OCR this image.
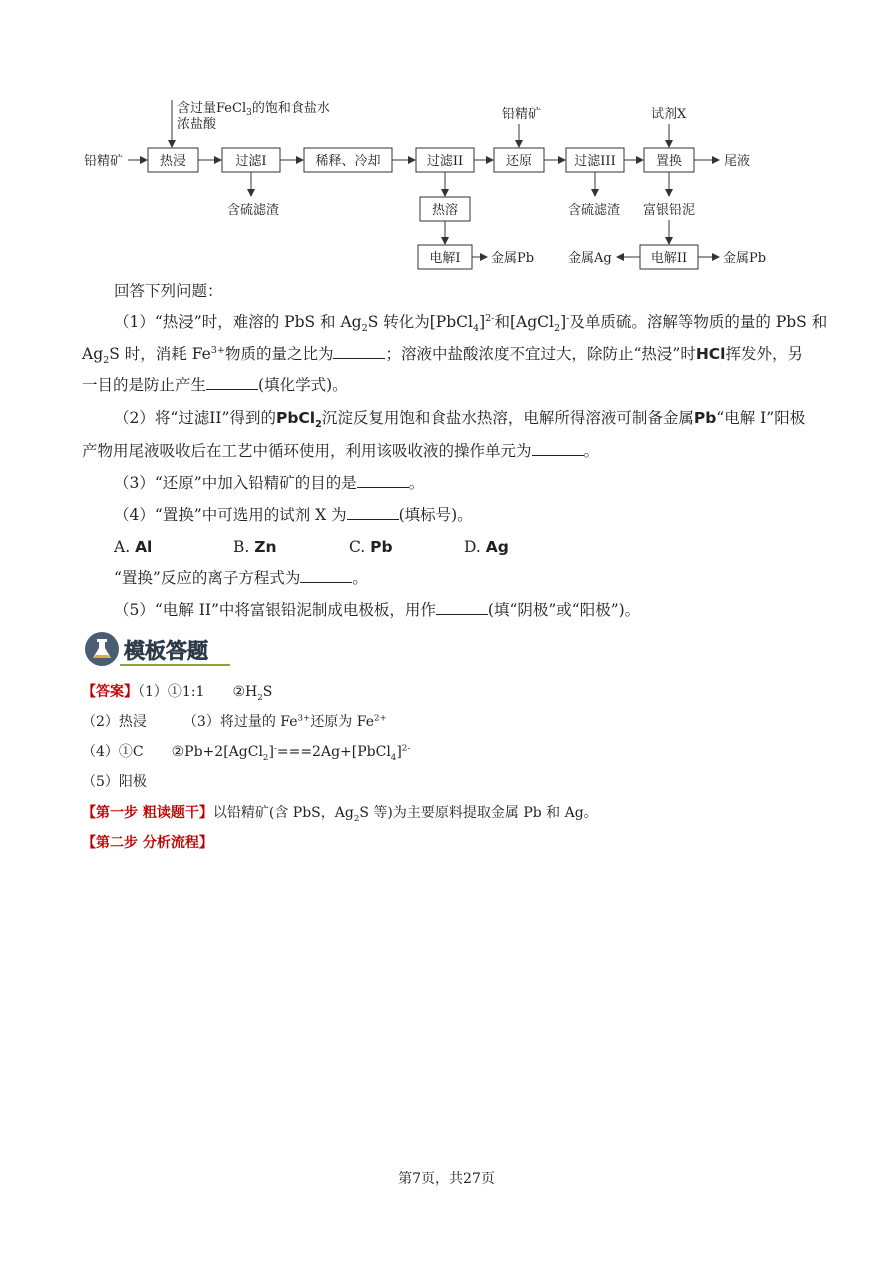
含过量FeCl$_3$的饱和食盐水
浓盐酸
铅精矿	热浸	过滤I	稀释、冷却	过滤II	还原	过滤III	置换	尾液
铅精矿	试剂X
含硫滤渣	热溶
电解I 金属Pb
含硫滤渣 富银铅泥
电解II
金属Ag	金属Pb
回答下列问题：
（1）“热浸”时，难溶的 PbS 和 $Ag_2S$ 转化为[PbCl$_4$]$^{2-}$和[AgCl$_2$]-及单质硫。溶解等物质的量的 PbS 和
$Ag_2S$ 时，消耗 $Fe^{3+}$物质的量之比为	；溶液中盐酸浓度不宜过大，除防止“热浸”时HCl挥发外，另
一目的是防止产生	(填化学式)。
（2）将“过滤II”得到的PbCl$_2$沉淀反复用饱和食盐水热溶，电解所得溶液可制备金属Pb“电解 I”阳极
产物用尾液吸收后在工艺中循环使用，利用该吸收液的操作单元为	。
（3）“还原”中加入铅精矿的目的是	。
（4）“置换”中可选用的试剂 X 为	(填标号)。
A. Al	B. Zn	C. Pb	D. Ag
“置换”反应的离子方程式为	。
（5）“电解 II”中将富银铅泥制成电极板，用作	(填“阴极”或“阳极”)。
模板答题
【答案】（1）①1:1 $②H_2S$
（2）热浸	（3）将过量的 $Fe^{3+}$还原为 $Fe^{2+}$
（4）①C ②Pb+2[AgCl$_2$]-===2Ag+[PbCl$_4$]$^{2-}$
（5）阳极
【第一步 粗读题干】以铅精矿(含 PbS，$Ag_2S$ 等)为主要原料提取金属 Pb 和 Ag。
【第二步 分析流程】
第7页，共27页
